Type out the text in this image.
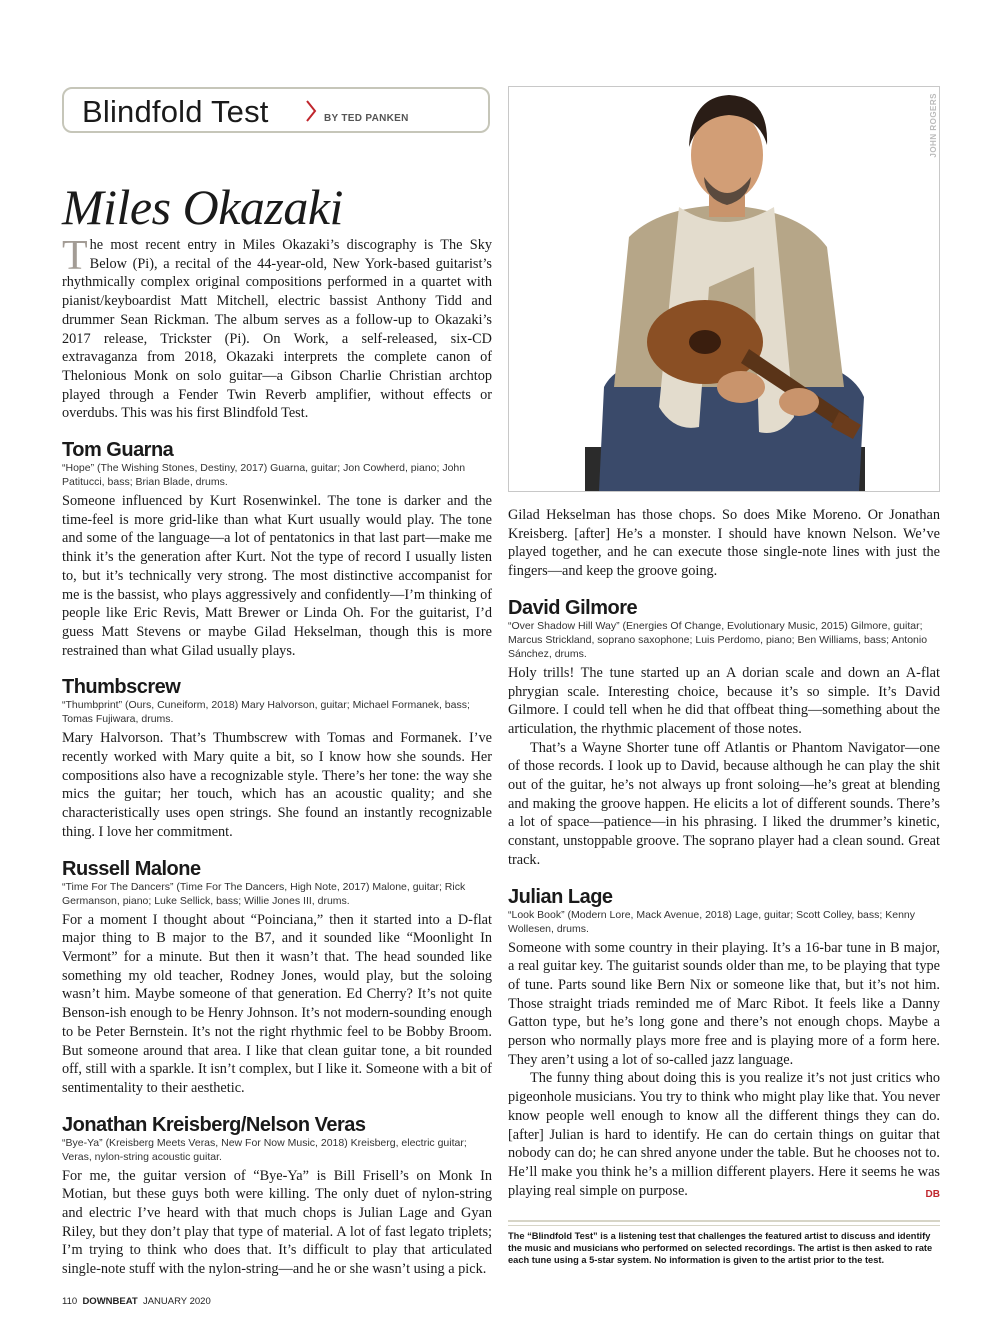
Blindfold Test	BY TED PANKEN
Miles Okazaki

The most recent entry in Miles Okazaki’s discography is The Sky Below (Pi), a recital of the 44-year-old, New York-based guitarist’s rhythmically complex original compositions performed in a quartet with pianist/keyboardist Matt Mitchell, electric bassist Anthony Tidd and drummer Sean Rickman. The album serves as a follow-up to Okazaki’s 2017 release, Trickster (Pi). On Work, a self-released, six-CD extravaganza from 2018, Okazaki interprets the complete canon of Thelonious Monk on solo guitar—a Gibson Charlie Christian archtop played through a Fender Twin Reverb amplifier, without effects or overdubs. This was his first Blindfold Test.

Tom Guarna
“Hope” (The Wishing Stones, Destiny, 2017) Guarna, guitar; Jon Cowherd, piano; John Patitucci, bass; Brian Blade, drums.

Someone influenced by Kurt Rosenwinkel. The tone is darker and the time-feel is more grid-like than what Kurt usually would play. The tone and some of the language—a lot of pentatonics in that last part—make me think it’s the generation after Kurt. Not the type of record I usually listen to, but it’s technically very strong. The most distinctive accompanist for me is the bassist, who plays aggressively and confidently—I’m thinking of people like Eric Revis, Matt Brewer or Linda Oh. For the guitarist, I’d guess Matt Stevens or maybe Gilad Hekselman, though this is more restrained than what Gilad usually plays.

Thumbscrew
“Thumbprint” (Ours, Cuneiform, 2018) Mary Halvorson, guitar; Michael Formanek, bass; Tomas Fujiwara, drums.

Mary Halvorson. That’s Thumbscrew with Tomas and Formanek. I’ve recently worked with Mary quite a bit, so I know how she sounds. Her compositions also have a recognizable style. There’s her tone: the way she mics the guitar; her touch, which has an acoustic quality; and she characteristically uses open strings. She found an instantly recognizable thing. I love her commitment.

Russell Malone
“Time For The Dancers” (Time For The Dancers, High Note, 2017) Malone, guitar; Rick Germanson, piano; Luke Sellick, bass; Willie Jones III, drums.

For a moment I thought about “Poinciana,” then it started into a D-flat major thing to B major to the B7, and it sounded like “Moonlight In Vermont” for a minute. But then it wasn’t that. The head sounded like something my old teacher, Rodney Jones, would play, but the soloing wasn’t him. Maybe someone of that generation. Ed Cherry? It’s not quite Benson-ish enough to be Henry Johnson. It’s not modern-sounding enough to be Peter Bernstein. It’s not the right rhythmic feel to be Bobby Broom. But someone around that area. I like that clean guitar tone, a bit rounded off, still with a sparkle. It isn’t complex, but I like it. Someone with a bit of sentimentality to their aesthetic.

Jonathan Kreisberg/Nelson Veras
“Bye-Ya” (Kreisberg Meets Veras, New For Now Music, 2018) Kreisberg, electric guitar; Veras, nylon-string acoustic guitar.

For me, the guitar version of “Bye-Ya” is Bill Frisell’s on Monk In Motian, but these guys both were killing. The only duet of nylon-string and electric I’ve heard with that much chops is Julian Lage and Gyan Riley, but they don’t play that type of material. A lot of fast legato triplets; I’m trying to think who does that. It’s difficult to play that articulated single-note stuff with the nylon-string—and he or she wasn’t using a pick.

JOHN ROGERS
Miles Okazaki

Gilad Hekselman has those chops. So does Mike Moreno. Or Jonathan Kreisberg. [after] He’s a monster. I should have known Nelson. We’ve played together, and he can execute those single-note lines with just the fingers—and keep the groove going.

David Gilmore
“Over Shadow Hill Way” (Energies Of Change, Evolutionary Music, 2015) Gilmore, guitar; Marcus Strickland, soprano saxophone; Luis Perdomo, piano; Ben Williams, bass; Antonio Sánchez, drums.

Holy trills! The tune started up an A dorian scale and down an A-flat phrygian scale. Interesting choice, because it’s so simple. It’s David Gilmore. I could tell when he did that offbeat thing—something about the articulation, the rhythmic placement of those notes.

That’s a Wayne Shorter tune off Atlantis or Phantom Navigator—one of those records. I look up to David, because although he can play the shit out of the guitar, he’s not always up front soloing—he’s great at blending and making the groove happen. He elicits a lot of different sounds. There’s a lot of space—patience—in his phrasing. I liked the drummer’s kinetic, constant, unstoppable groove. The soprano player had a clean sound. Great track.

Julian Lage
“Look Book” (Modern Lore, Mack Avenue, 2018) Lage, guitar; Scott Colley, bass; Kenny Wollesen, drums.

Someone with some country in their playing. It’s a 16-bar tune in B major, a real guitar key. The guitarist sounds older than me, to be playing that type of tune. Parts sound like Bern Nix or someone like that, but it’s not him. Those straight triads reminded me of Marc Ribot. It feels like a Danny Gatton type, but he’s long gone and there’s not enough chops. Maybe a person who normally plays more free and is playing more of a form here. They aren’t using a lot of so-called jazz language.

The funny thing about doing this is you realize it’s not just critics who pigeonhole musicians. You try to think who might play like that. You never know people well enough to know all the different things they can do. [after] Julian is hard to identify. He can do certain things on guitar that nobody can do; he can shred anyone under the table. But he chooses not to. He’ll make you think he’s a million different players. Here it seems he was playing real simple on purpose.	DB

The “Blindfold Test” is a listening test that challenges the featured artist to discuss and identify the music and musicians who performed on selected recordings. The artist is then asked to rate each tune using a 5-star system. No information is given to the artist prior to the test.
110 DOWNBEAT JANUARY 2020
